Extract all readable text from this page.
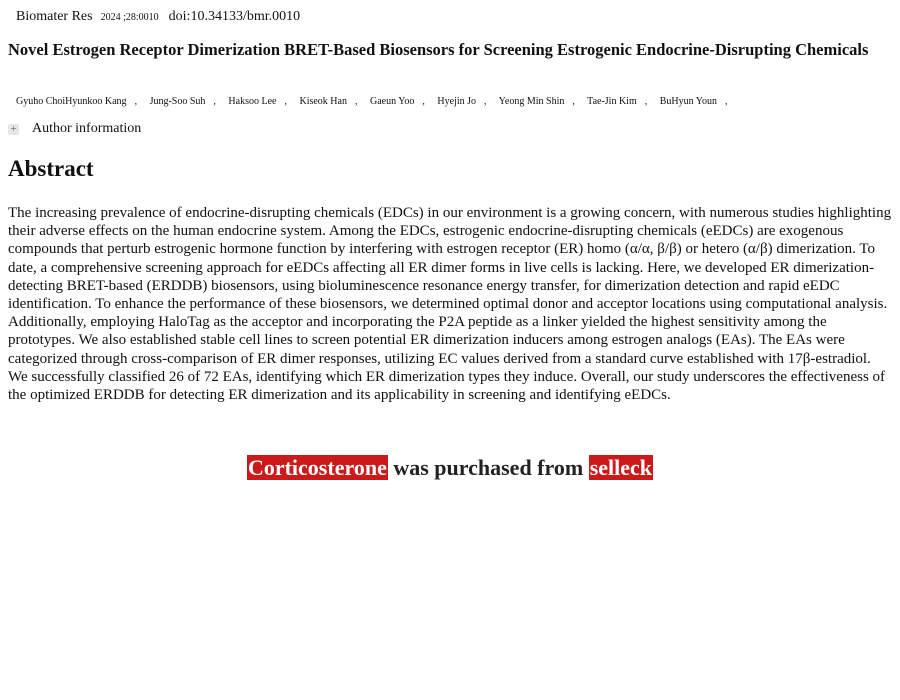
Biomater Res 2024 ;28:0010 doi:10.34133/bmr.0010
Novel Estrogen Receptor Dimerization BRET-Based Biosensors for Screening Estrogenic Endocrine-Disrupting Chemicals
Gyuho ChoiHyunkoo Kang , Jung-Soo Suh , Haksoo Lee , Kiseok Han , Gaeun Yoo , Hyejin Jo , Yeong Min Shin , Tae-Jin Kim , BuHyun Youn ,
+ Author information
Abstract

The increasing prevalence of endocrine-disrupting chemicals (EDCs) in our environment is a growing concern, with numerous studies highlighting their adverse effects on the human endocrine system. Among the EDCs, estrogenic endocrine-disrupting chemicals (eEDCs) are exogenous compounds that perturb estrogenic hormone function by interfering with estrogen receptor (ER) homo (α/α, β/β) or hetero (α/β) dimerization. To date, a comprehensive screening approach for eEDCs affecting all ER dimer forms in live cells is lacking. Here, we developed ER dimerization-detecting BRET-based (ERDDB) biosensors, using bioluminescence resonance energy transfer, for dimerization detection and rapid eEDC identification. To enhance the performance of these biosensors, we determined optimal donor and acceptor locations using computational analysis. Additionally, employing HaloTag as the acceptor and incorporating the P2A peptide as a linker yielded the highest sensitivity among the prototypes. We also established stable cell lines to screen potential ER dimerization inducers among estrogen analogs (EAs). The EAs were categorized through cross-comparison of ER dimer responses, utilizing EC values derived from a standard curve established with 17β-estradiol. We successfully classified 26 of 72 EAs, identifying which ER dimerization types they induce. Overall, our study underscores the effectiveness of the optimized ERDDB for detecting ER dimerization and its applicability in screening and identifying eEDCs.

Corticosterone was purchased from selleck
